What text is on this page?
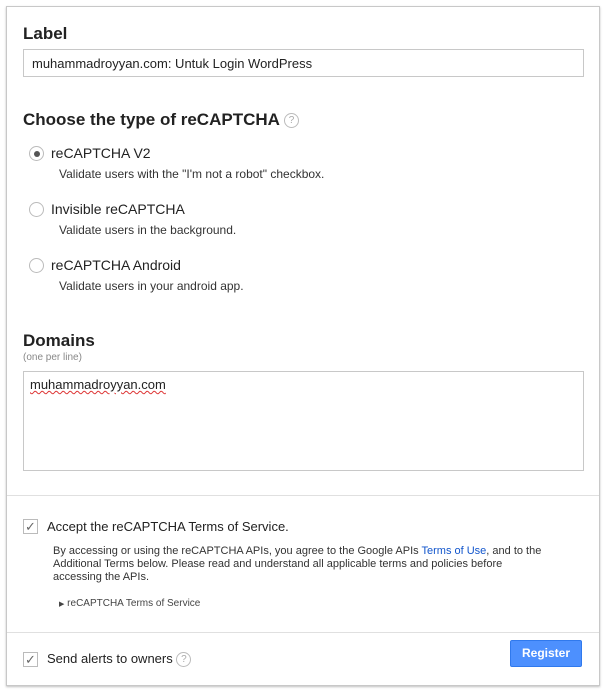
Label
muhammadroyyan.com: Untuk Login WordPress
Choose the type of reCAPTCHA ?
reCAPTCHA V2
Validate users with the "I'm not a robot" checkbox.
Invisible reCAPTCHA
Validate users in the background.
reCAPTCHA Android
Validate users in your android app.
Domains
(one per line)
muhammadroyyan.com
✓ Accept the reCAPTCHA Terms of Service.
By accessing or using the reCAPTCHA APIs, you agree to the Google APIs Terms of Use, and to the Additional Terms below. Please read and understand all applicable terms and policies before accessing the APIs.
▶ reCAPTCHA Terms of Service
✓ Send alerts to owners ?	Register
